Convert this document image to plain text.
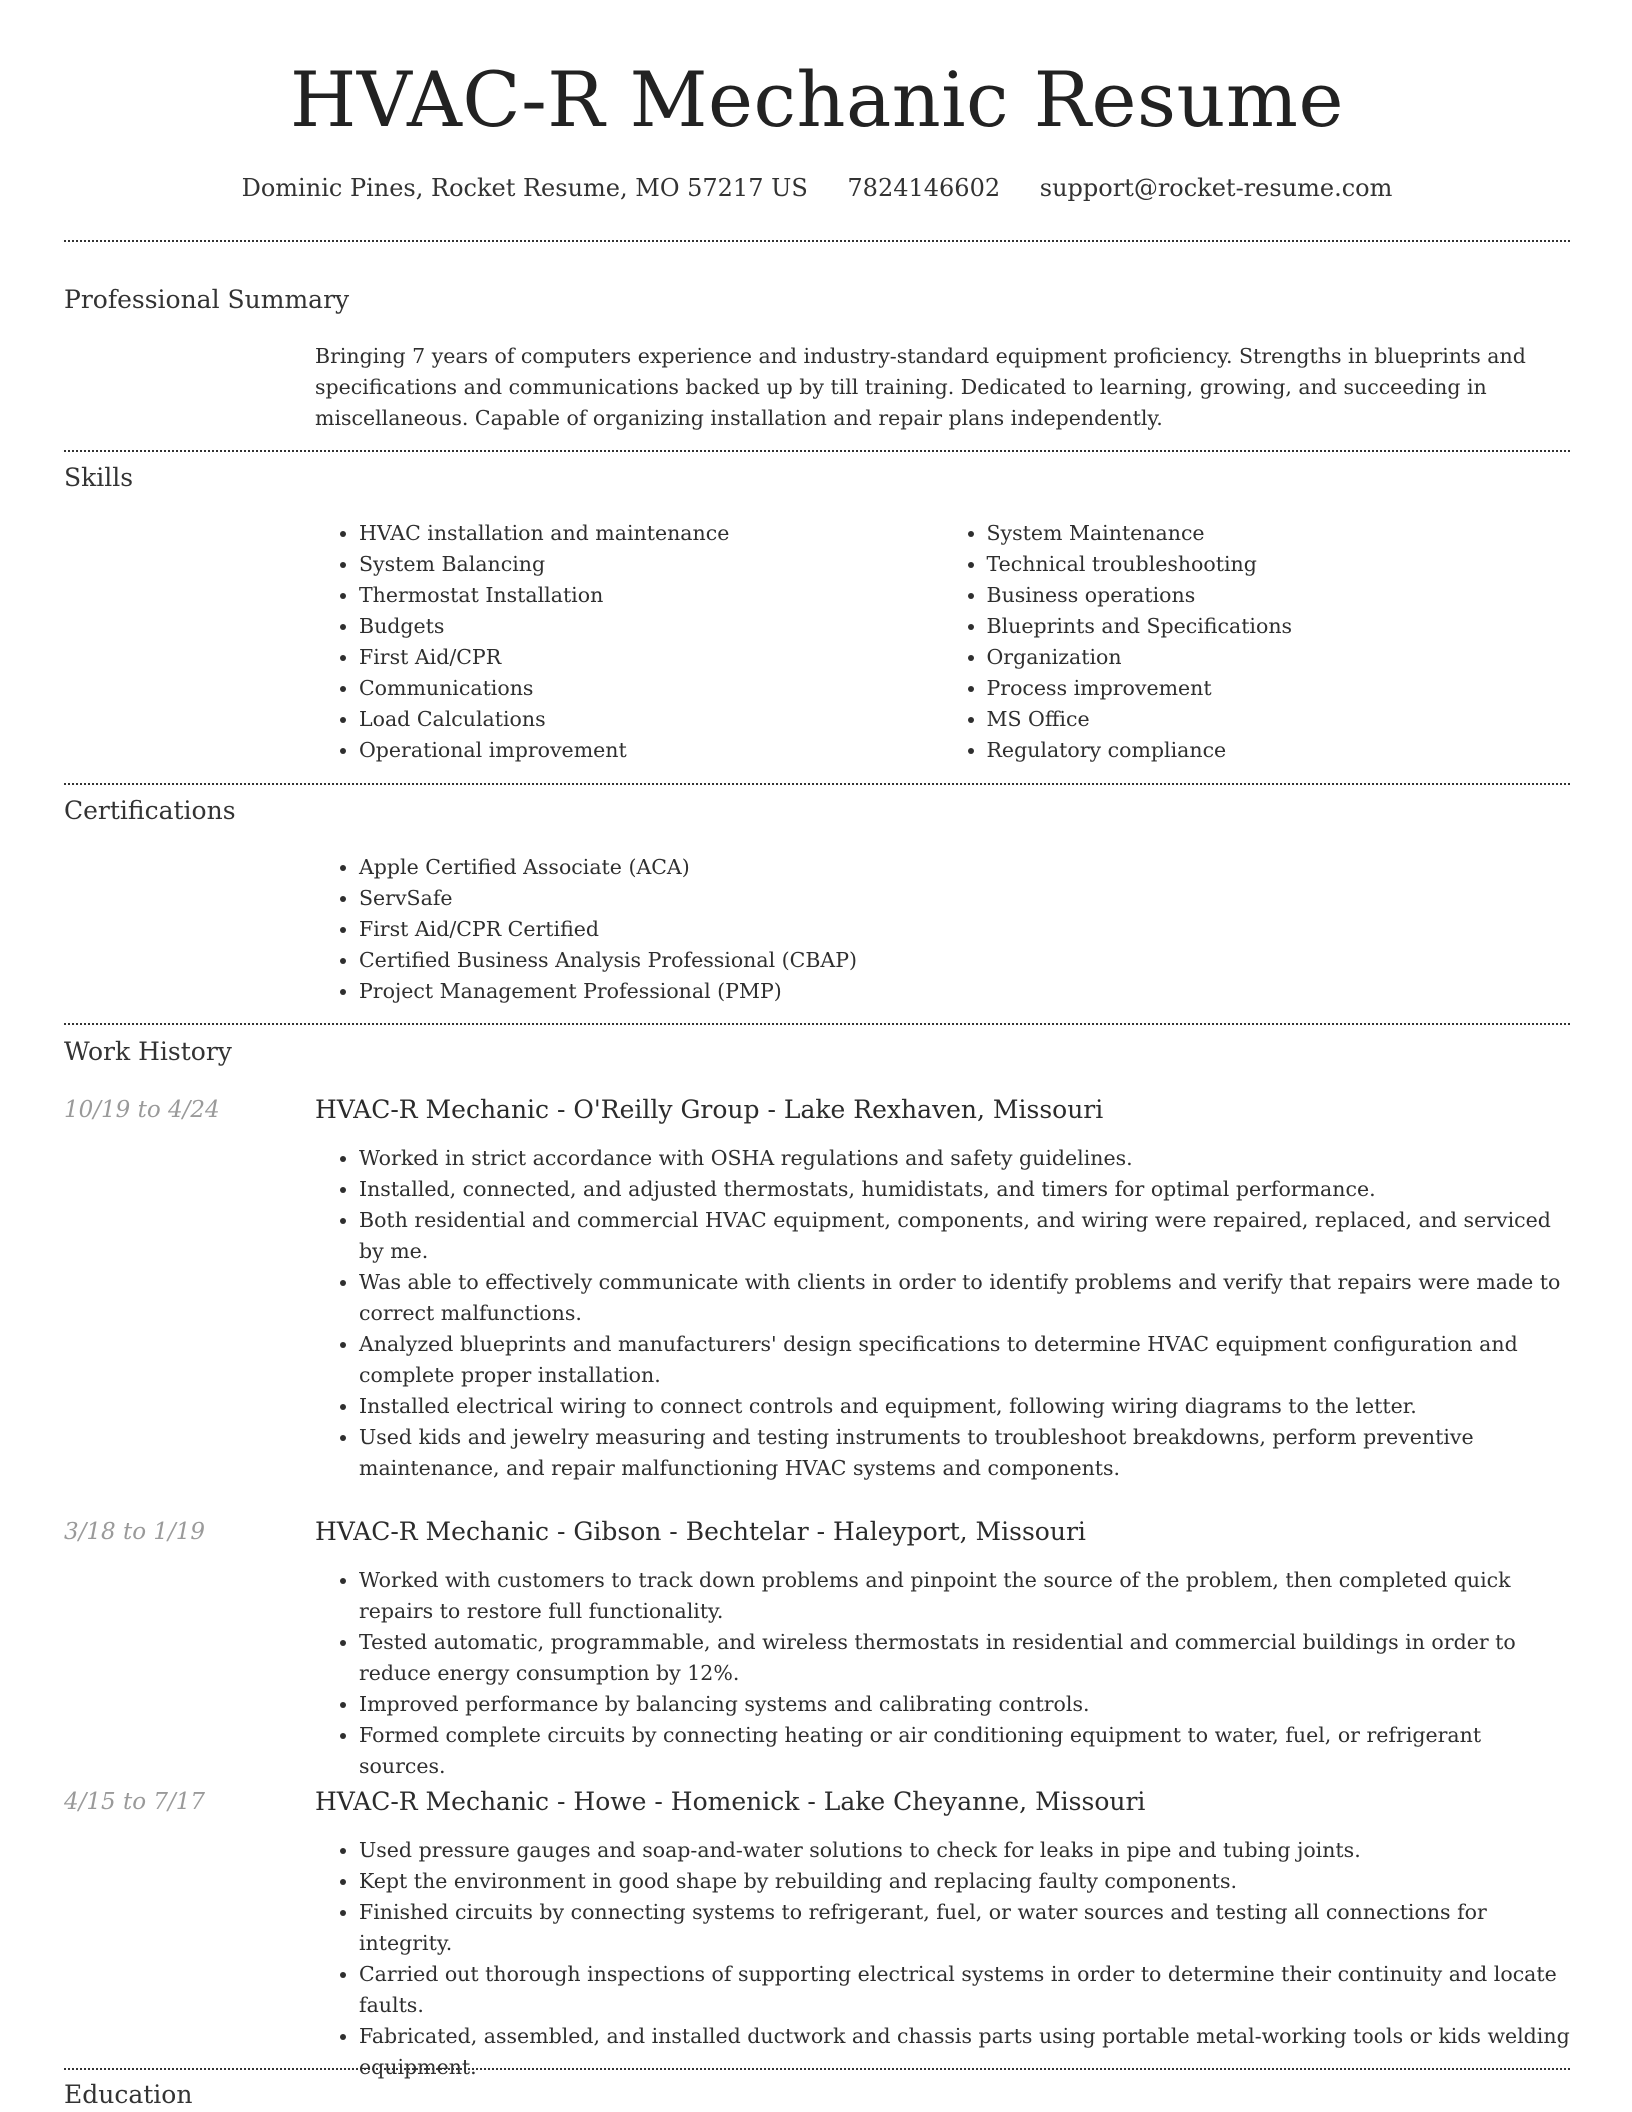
HVAC-R Mechanic Resume
Dominic Pines, Rocket Resume, MO 57217 US 7824146602 support@rocket-resume.com
Professional Summary

Bringing 7 years of computers experience and industry-standard equipment proficiency. Strengths in blueprints and specifications and communications backed up by till training. Dedicated to learning, growing, and succeeding in miscellaneous. Capable of organizing installation and repair plans independently.

Skills
• HVAC installation and maintenance
• System Balancing
• Thermostat Installation
• Budgets
• First Aid/CPR
• Communications
• Load Calculations
• Operational improvement
• System Maintenance
• Technical troubleshooting
• Business operations
• Blueprints and Specifications
• Organization
• Process improvement
• MS Office
• Regulatory compliance
Certifications
• Apple Certified Associate (ACA)
• ServSafe
• First Aid/CPR Certified
• Certified Business Analysis Professional (CBAP)
• Project Management Professional (PMP)
Work History
10/19 to 4/24	HVAC-R Mechanic - O'Reilly Group - Lake Rexhaven, Missouri
• Worked in strict accordance with OSHA regulations and safety guidelines.
• Installed, connected, and adjusted thermostats, humidistats, and timers for optimal performance.
• Both residential and commercial HVAC equipment, components, and wiring were repaired, replaced, and serviced by me.
• Was able to effectively communicate with clients in order to identify problems and verify that repairs were made to correct malfunctions.
• Analyzed blueprints and manufacturers' design specifications to determine HVAC equipment configuration and complete proper installation.
• Installed electrical wiring to connect controls and equipment, following wiring diagrams to the letter.
• Used kids and jewelry measuring and testing instruments to troubleshoot breakdowns, perform preventive maintenance, and repair malfunctioning HVAC systems and components.
3/18 to 1/19	HVAC-R Mechanic - Gibson - Bechtelar - Haleyport, Missouri
• Worked with customers to track down problems and pinpoint the source of the problem, then completed quick repairs to restore full functionality.
• Tested automatic, programmable, and wireless thermostats in residential and commercial buildings in order to reduce energy consumption by 12%.
• Improved performance by balancing systems and calibrating controls.
• Formed complete circuits by connecting heating or air conditioning equipment to water, fuel, or refrigerant sources.
4/15 to 7/17	HVAC-R Mechanic - Howe - Homenick - Lake Cheyanne, Missouri
• Used pressure gauges and soap-and-water solutions to check for leaks in pipe and tubing joints.
• Kept the environment in good shape by rebuilding and replacing faulty components.
• Finished circuits by connecting systems to refrigerant, fuel, or water sources and testing all connections for integrity.
• Carried out thorough inspections of supporting electrical systems in order to determine their continuity and locate faults.
• Fabricated, assembled, and installed ductwork and chassis parts using portable metal-working tools or kids welding equipment.
Education
